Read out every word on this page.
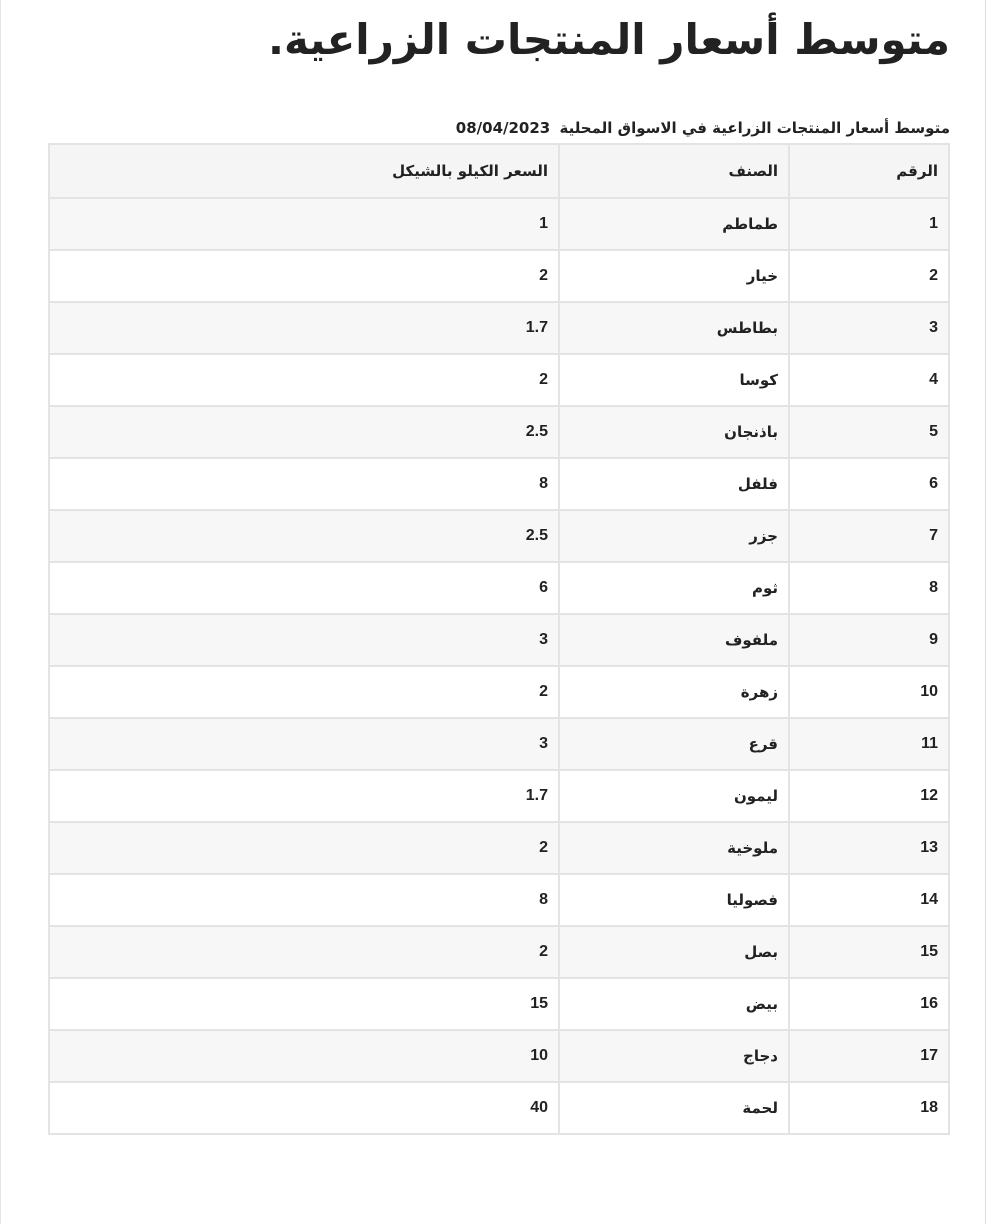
متوسط أسعار المنتجات الزراعية.
متوسط أسعار المنتجات الزراعية في الاسواق المحلية 08/04/2023
الرقم	الصنف	السعر الكيلو بالشيكل
1	طماطم	1
2	خيار	2
3	بطاطس	1.7
4	كوسا	2
5	باذنجان	2.5
6	فلفل	8
7	جزر	2.5
8	ثوم	6
9	ملفوف	3
10	زهرة	2
11	قرع	3
12	ليمون	1.7
13	ملوخية	2
14	فصوليا	8
15	بصل	2
16	بيض	15
17	دجاج	10
18	لحمة	40
